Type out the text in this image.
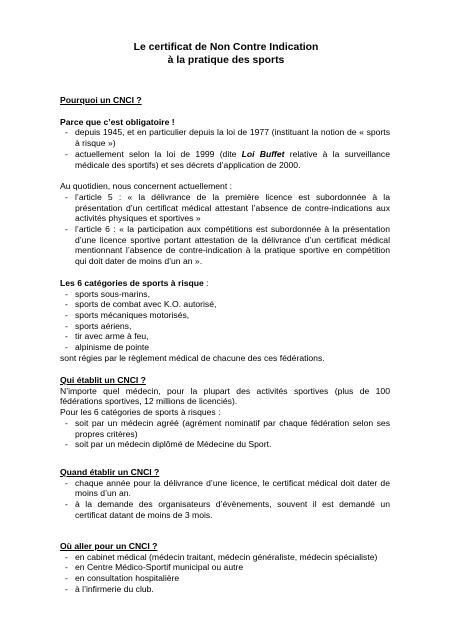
Le certificat de Non Contre Indication
à la pratique des sports
Pourquoi un CNCI ?
Parce que c’est obligatoire !
- depuis 1945, et en particulier depuis la loi de 1977 (instituant la notion de « sports à risque »)
- actuellement selon la loi de 1999 (dite Loi Buffet relative à la surveillance médicale des sportifs) et ses décrets d’application de 2000.
Au quotidien, nous concernent actuellement :
- l’article 5 : « la délivrance de la première licence est subordonnée à la présentation d’un certificat médical attestant l’absence de contre-indications aux activités physiques et sportives »
- l’article 6 : « la participation aux compétitions est subordonnée à la présentation d’une licence sportive portant attestation de la délivrance d’un certificat médical mentionnant l’absence de contre-indication à la pratique sportive en compétition qui doit dater de moins d’un an ».
Les 6 catégories de sports à risque :
- sports sous-marins,
- sports de combat avec K.O. autorisé,
- sports mécaniques motorisés,
- sports aériens,
- tir avec arme à feu,
- alpinisme de pointe
sont régies par le règlement médical de chacune des ces fédérations.
Qui établit un CNCI ?
N’importe quel médecin, pour la plupart des activités sportives (plus de 100 fédérations sportives, 12 millions de licenciés).
Pour les 6 catégories de sports à risques :
- soit par un médecin agréé (agrément nominatif par chaque fédération selon ses propres critères)
- soit par un médecin diplômé de Médecine du Sport.
Quand établir un CNCI ?
- chaque année pour la délivrance d’une licence, le certificat médical doit dater de moins d’un an.
- à la demande des organisateurs d’évènements, souvent il est demandé un certificat datant de moins de 3 mois.
Où aller pour un CNCI ?
- en cabinet médical (médecin traitant, médecin généraliste, médecin spécialiste)
- en Centre Médico-Sportif municipal ou autre
- en consultation hospitalière
- à l’infirmerie du club.
